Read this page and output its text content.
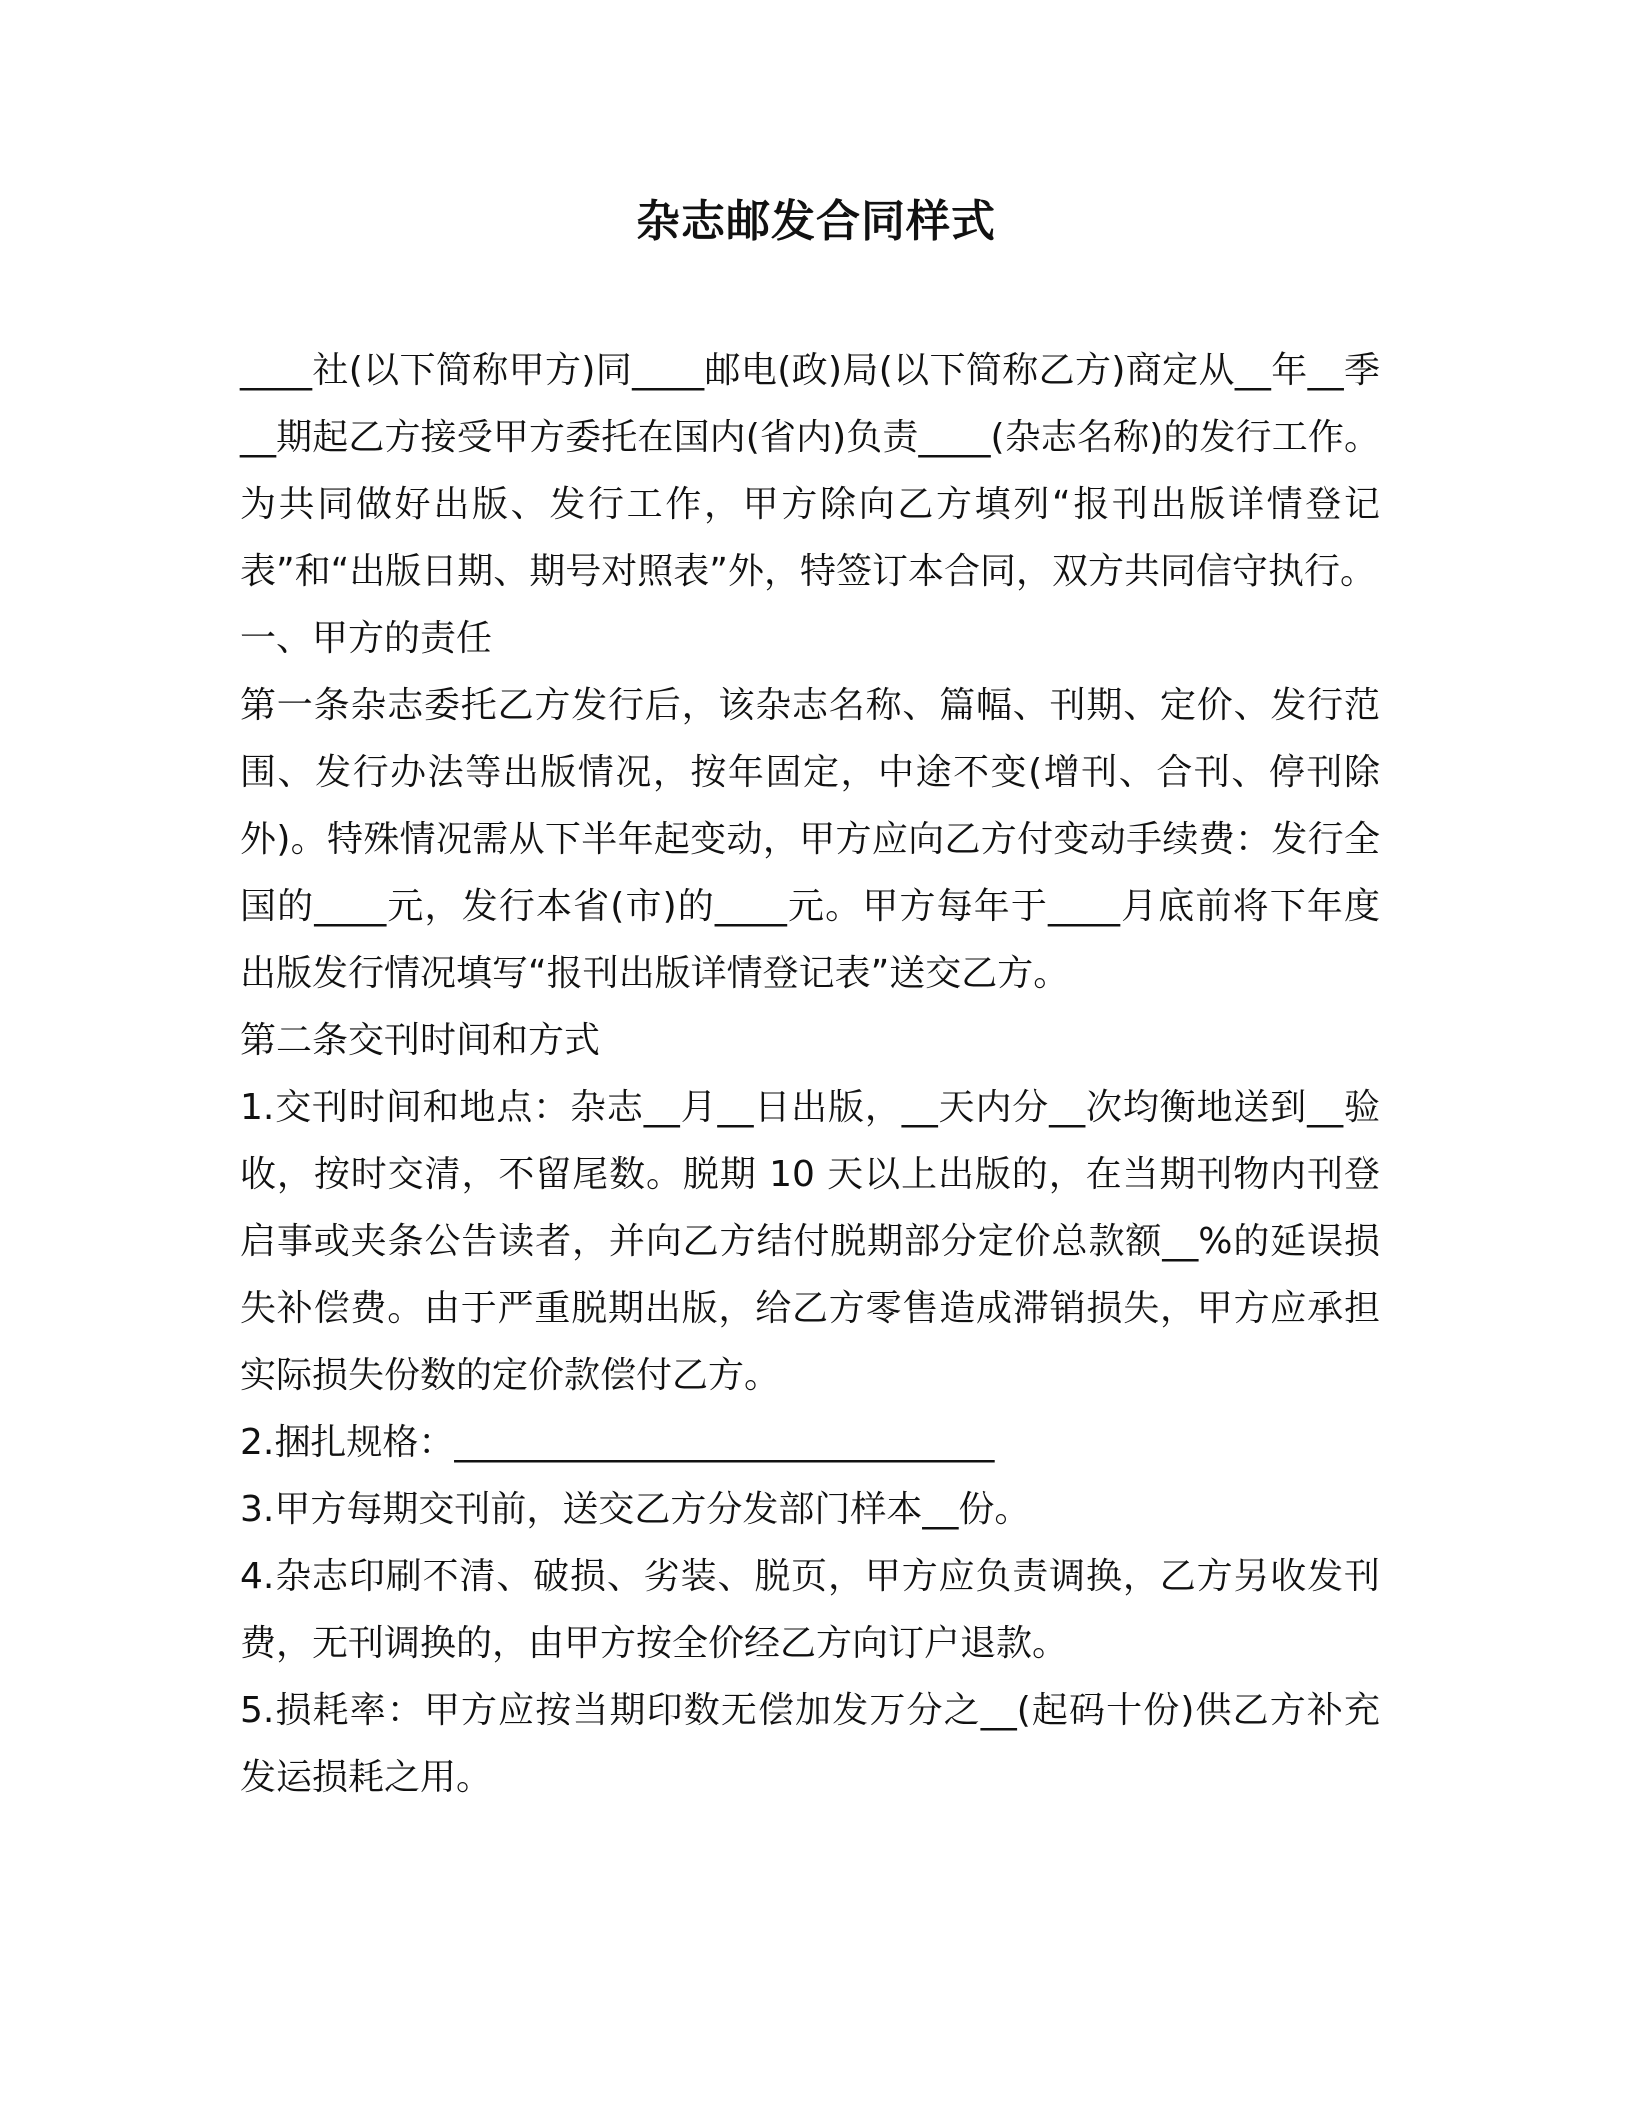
杂志邮发合同样式

____社(以下简称甲方)同____邮电(政)局(以下简称乙方)商定从__年__季__期起乙方接受甲方委托在国内(省内)负责____(杂志名称)的发行工作。为共同做好出版、发行工作，甲方除向乙方填列“报刊出版详情登记表”和“出版日期、期号对照表”外，特签订本合同，双方共同信守执行。

一、甲方的责任

第一条杂志委托乙方发行后，该杂志名称、篇幅、刊期、定价、发行范围、发行办法等出版情况，按年固定，中途不变(增刊、合刊、停刊除外)。特殊情况需从下半年起变动，甲方应向乙方付变动手续费：发行全国的____元，发行本省(市)的____元。甲方每年于____月底前将下年度出版发行情况填写“报刊出版详情登记表”送交乙方。

第二条交刊时间和方式

1.交刊时间和地点：杂志__月__日出版，__天内分__次均衡地送到__验收，按时交清，不留尾数。脱期 10 天以上出版的，在当期刊物内刊登启事或夹条公告读者，并向乙方结付脱期部分定价总款额__%的延误损失补偿费。由于严重脱期出版，给乙方零售造成滞销损失，甲方应承担实际损失份数的定价款偿付乙方。

2.捆扎规格：______________________________

3.甲方每期交刊前，送交乙方分发部门样本__份。

4.杂志印刷不清、破损、劣装、脱页，甲方应负责调换，乙方另收发刊费，无刊调换的，由甲方按全价经乙方向订户退款。

5.损耗率：甲方应按当期印数无偿加发万分之__(起码十份)供乙方补充发运损耗之用。
